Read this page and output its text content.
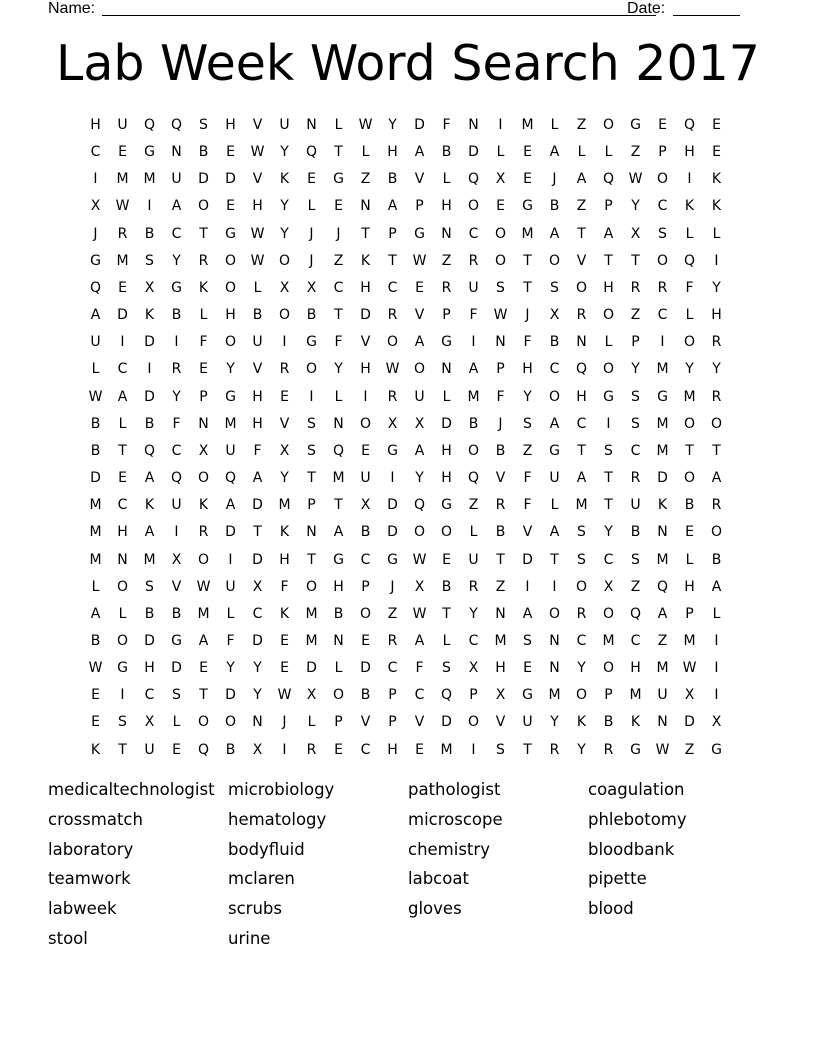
Name:	Date:
Lab Week Word Search 2017
H	U	Q	Q	S	H	V	U	N	L	W	Y	D	F	N	I	M	L	Z	O	G	E	Q	E
C	E	G	N	B	E	W	Y	Q	T	L	H	A	B	D	L	E	A	L	L	Z	P	H	E
I	M	M	U	D	D	V	K	E	G	Z	B	V	L	Q	X	E	J	A	Q	W	O	I	K
X	W	I	A	O	E	H	Y	L	E	N	A	P	H	O	E	G	B	Z	P	Y	C	K	K
J	R	B	C	T	G	W	Y	J	J	T	P	G	N	C	O	M	A	T	A	X	S	L	L
G	M	S	Y	R	O	W	O	J	Z	K	T	W	Z	R	O	T	O	V	T	T	O	Q	I
Q	E	X	G	K	O	L	X	X	C	H	C	E	R	U	S	T	S	O	H	R	R	F	Y
A	D	K	B	L	H	B	O	B	T	D	R	V	P	F	W	J	X	R	O	Z	C	L	H
U	I	D	I	F	O	U	I	G	F	V	O	A	G	I	N	F	B	N	L	P	I	O	R
L	C	I	R	E	Y	V	R	O	Y	H	W	O	N	A	P	H	C	Q	O	Y	M	Y	Y
W	A	D	Y	P	G	H	E	I	L	I	R	U	L	M	F	Y	O	H	G	S	G	M	R
B	L	B	F	N	M	H	V	S	N	O	X	X	D	B	J	S	A	C	I	S	M	O	O
B	T	Q	C	X	U	F	X	S	Q	E	G	A	H	O	B	Z	G	T	S	C	M	T	T
D	E	A	Q	O	Q	A	Y	T	M	U	I	Y	H	Q	V	F	U	A	T	R	D	O	A
M	C	K	U	K	A	D	M	P	T	X	D	Q	G	Z	R	F	L	M	T	U	K	B	R
M	H	A	I	R	D	T	K	N	A	B	D	O	O	L	B	V	A	S	Y	B	N	E	O
M	N	M	X	O	I	D	H	T	G	C	G	W	E	U	T	D	T	S	C	S	M	L	B
L	O	S	V	W	U	X	F	O	H	P	J	X	B	R	Z	I	I	O	X	Z	Q	H	A
A	L	B	B	M	L	C	K	M	B	O	Z	W	T	Y	N	A	O	R	O	Q	A	P	L
B	O	D	G	A	F	D	E	M	N	E	R	A	L	C	M	S	N	C	M	C	Z	M	I
W	G	H	D	E	Y	Y	E	D	L	D	C	F	S	X	H	E	N	Y	O	H	M	W	I
E	I	C	S	T	D	Y	W	X	O	B	P	C	Q	P	X	G	M	O	P	M	U	X	I
E	S	X	L	O	O	N	J	L	P	V	P	V	D	O	V	U	Y	K	B	K	N	D	X
K	T	U	E	Q	B	X	I	R	E	C	H	E	M	I	S	T	R	Y	R	G	W	Z	G
medicaltechnologist microbiology	pathologist	coagulation
crossmatch	hematology	microscope	phlebotomy
laboratory	bodyfluid	chemistry	bloodbank
teamwork	mclaren	labcoat	pipette
labweek	scrubs	gloves	blood
stool	urine
